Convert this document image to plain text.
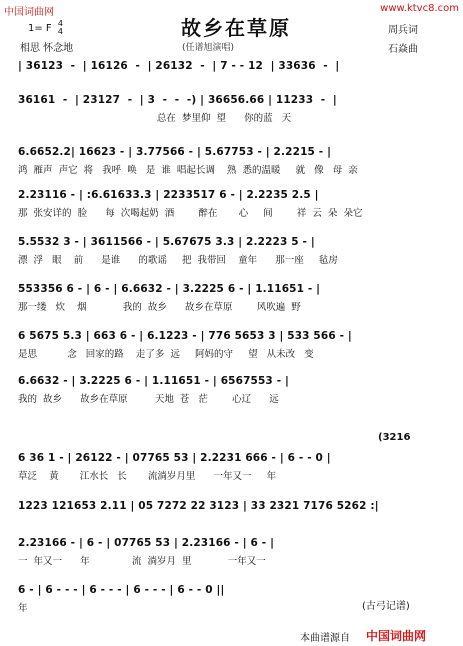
中国词曲网	www.ktvc8.com
1= F 4
4
相思 怀念地
故乡在草原
(任谱旭演唱)
周兵词
石焱曲
| 36123  -  | 16126  -  | 26132  -  | 7 - - 12  | 33636  -  |
36161  -  | 23127  -  | 3  -  -  -) | 36656.66 | 11233  -  |
总在  梦里仰  望      你的蓝   天
6.6652.2| 16623 - | 3.77566 - | 5.67753 - | 2.2215 - |
鸿  雁声  声它  将   我呼  唤   是  谁  唱起长调    熟  悉的温暖     就   像   母  亲
2.23116 - | :6.61633.3 | 2233517 6 - | 2.2235 2.5 |
那  张安详的  脸      每  次喝起奶  酒        醉在       心     间        祥  云  朵  朵它
5.5532 3 - | 3611566 - | 5.67675 3.3 | 2.2223 5 - |
漂  浮   眼    前      是谁      的歌谣     把  我带回    童年      那一座     毡房
553356 6 - | 6 - | 6.6632 - | 3.2225 6 - | 1.11651 - |
那一缕   炊    烟            我的  故乡      故乡在草原        风吹遍  野
6 5675 5.3 | 663 6 - | 6.1223 - | 776 5653 3 | 533 566 - |
是思          念   回家的路    走了多  远     阿妈的守     望   从未改   变
6.6632 - | 3.2225 6 - | 1.11651 - | 6567553 - |
我的  故乡      故乡在草原         天地  苍   茫        心辽      远
6 36 1 - | 26122 - | 07765 53 | 2.2231 666 - | 6 - - 0 |
草泛    黄       江水长   长       流淌岁月里      一年又一     年
1223 121653 2.11 | 05 7272 22 3123 | 33 2321 7176 5262 :|
2.23166 - | 6 - | 07765 53 | 2.23166 - | 6 - |
一  年又一      年              流  淌岁月  里            一年又一
6 - | 6 - - - | 6 - - - | 6 - - - | 6 - - 0 ||
年
(3216
(古弓记谱)
本曲谱源自 中国词曲网
